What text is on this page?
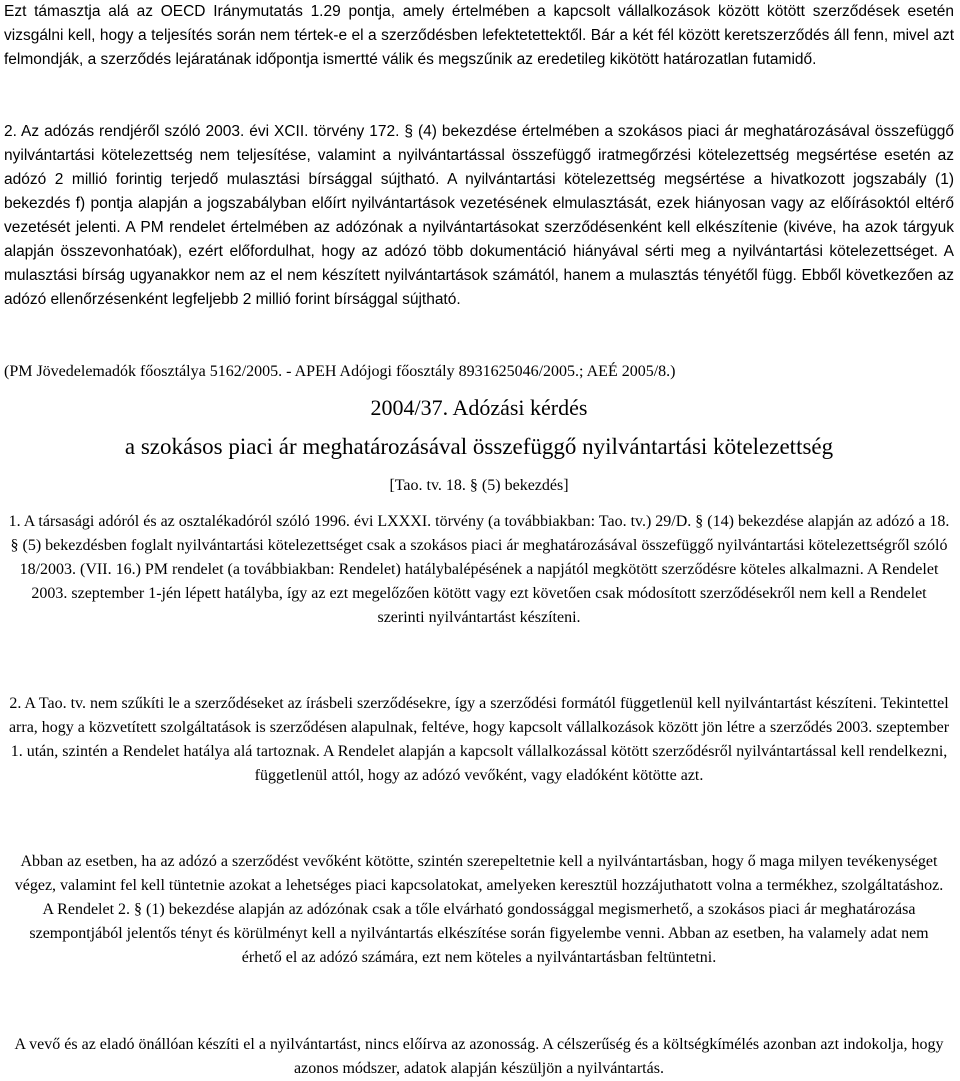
Ezt támasztja alá az OECD Iránymutatás 1.29 pontja, amely értelmében a kapcsolt vállalkozások között kötött szerződések esetén vizsgálni kell, hogy a teljesítés során nem tértek-e el a szerződésben lefektetettektől. Bár a két fél között keretszerződés áll fenn, mivel azt felmondják, a szerződés lejáratának időpontja ismertté válik és megszűnik az eredetileg kikötött határozatlan futamidő.

2. Az adózás rendjéről szóló 2003. évi XCII. törvény 172. § (4) bekezdése értelmében a szokásos piaci ár meghatározásával összefüggő nyilvántartási kötelezettség nem teljesítése, valamint a nyilvántartással összefüggő iratmegőrzési kötelezettség megsértése esetén az adózó 2 millió forintig terjedő mulasztási bírsággal sújtható. A nyilvántartási kötelezettség megsértése a hivatkozott jogszabály (1) bekezdés f) pontja alapján a jogszabályban előírt nyilvántartások vezetésének elmulasztását, ezek hiányosan vagy az előírásoktól eltérő vezetését jelenti. A PM rendelet értelmében az adózónak a nyilvántartásokat szerződésenként kell elkészítenie (kivéve, ha azok tárgyuk alapján összevonhatóak), ezért előfordulhat, hogy az adózó több dokumentáció hiányával sérti meg a nyilvántartási kötelezettséget. A mulasztási bírság ugyanakkor nem az el nem készített nyilvántartások számától, hanem a mulasztás tényétől függ. Ebből következően az adózó ellenőrzésenként legfeljebb 2 millió forint bírsággal sújtható.

(PM Jövedelemadók főosztálya 5162/2005. - APEH Adójogi főosztály 8931625046/2005.; AEÉ 2005/8.)

2004/37. Adózási kérdés
a szokásos piaci ár meghatározásával összefüggő nyilvántartási kötelezettség
[Tao. tv. 18. § (5) bekezdés]

1. A társasági adóról és az osztalékadóról szóló 1996. évi LXXXI. törvény (a továbbiakban: Tao. tv.) 29/D. § (14) bekezdése alapján az adózó a 18. § (5) bekezdésben foglalt nyilvántartási kötelezettséget csak a szokásos piaci ár meghatározásával összefüggő nyilvántartási kötelezettségről szóló 18/2003. (VII. 16.) PM rendelet (a továbbiakban: Rendelet) hatálybalépésének a napjától megkötött szerződésre köteles alkalmazni. A Rendelet 2003. szeptember 1-jén lépett hatályba, így az ezt megelőzően kötött vagy ezt követően csak módosított szerződésekről nem kell a Rendelet szerinti nyilvántartást készíteni.

2. A Tao. tv. nem szűkíti le a szerződéseket az írásbeli szerződésekre, így a szerződési formától függetlenül kell nyilvántartást készíteni. Tekintettel arra, hogy a közvetített szolgáltatások is szerződésen alapulnak, feltéve, hogy kapcsolt vállalkozások között jön létre a szerződés 2003. szeptember 1. után, szintén a Rendelet hatálya alá tartoznak. A Rendelet alapján a kapcsolt vállalkozással kötött szerződésről nyilvántartással kell rendelkezni, függetlenül attól, hogy az adózó vevőként, vagy eladóként kötötte azt.

Abban az esetben, ha az adózó a szerződést vevőként kötötte, szintén szerepeltetnie kell a nyilvántartásban, hogy ő maga milyen tevékenységet végez, valamint fel kell tüntetnie azokat a lehetséges piaci kapcsolatokat, amelyeken keresztül hozzájuthatott volna a termékhez, szolgáltatáshoz. A Rendelet 2. § (1) bekezdése alapján az adózónak csak a tőle elvárható gondossággal megismerhető, a szokásos piaci ár meghatározása szempontjából jelentős tényt és körülményt kell a nyilvántartás elkészítése során figyelembe venni. Abban az esetben, ha valamely adat nem érhető el az adózó számára, ezt nem köteles a nyilvántartásban feltüntetni.

A vevő és az eladó önállóan készíti el a nyilvántartást, nincs előírva az azonosság. A célszerűség és a költségkímélés azonban azt indokolja, hogy azonos módszer, adatok alapján készüljön a nyilvántartás.
